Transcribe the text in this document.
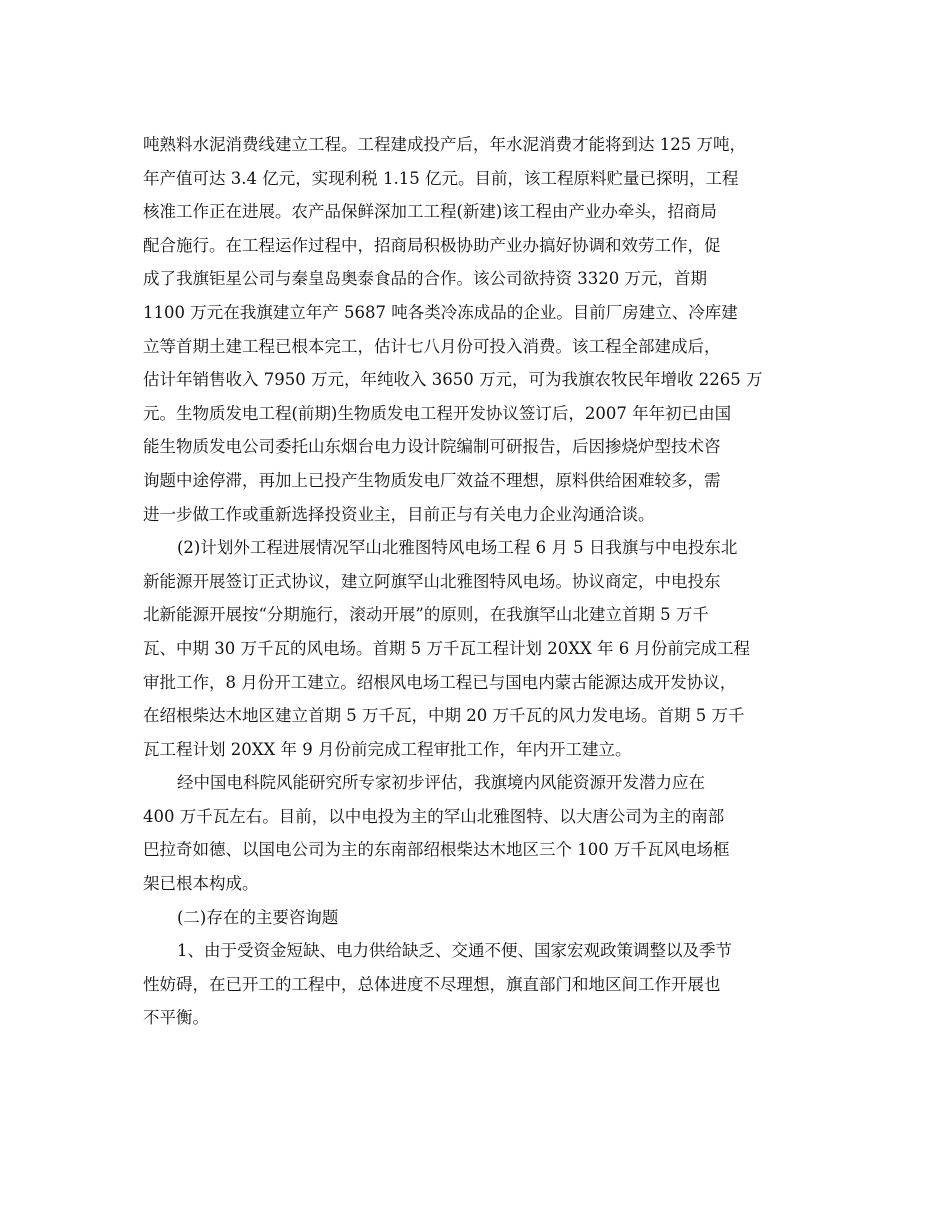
吨熟料水泥消费线建立工程。工程建成投产后，年水泥消费才能将到达 125 万吨，
年产值可达 3.4 亿元，实现利税 1.15 亿元。目前，该工程原料贮量已探明，工程
核准工作正在进展。农产品保鲜深加工工程(新建)该工程由产业办牵头，招商局
配合施行。在工程运作过程中，招商局积极协助产业办搞好协调和效劳工作，促
成了我旗钜星公司与秦皇岛奥泰食品的合作。该公司欲持资 3320 万元，首期
1100 万元在我旗建立年产 5687 吨各类冷冻成品的企业。目前厂房建立、冷库建
立等首期土建工程已根本完工，估计七八月份可投入消费。该工程全部建成后，
估计年销售收入 7950 万元，年纯收入 3650 万元，可为我旗农牧民年增收 2265 万
元。生物质发电工程(前期)生物质发电工程开发协议签订后，2007 年年初已由国
能生物质发电公司委托山东烟台电力设计院编制可研报告，后因掺烧炉型技术咨
询题中途停滞，再加上已投产生物质发电厂效益不理想，原料供给困难较多，需
进一步做工作或重新选择投资业主，目前正与有关电力企业沟通洽谈。
(2)计划外工程进展情况罕山北雅图特风电场工程 6 月 5 日我旗与中电投东北
新能源开展签订正式协议，建立阿旗罕山北雅图特风电场。协议商定，中电投东
北新能源开展按“分期施行，滚动开展”的原则，在我旗罕山北建立首期 5 万千
瓦、中期 30 万千瓦的风电场。首期 5 万千瓦工程计划 20XX 年 6 月份前完成工程
审批工作，8 月份开工建立。绍根风电场工程已与国电内蒙古能源达成开发协议，
在绍根柴达木地区建立首期 5 万千瓦，中期 20 万千瓦的风力发电场。首期 5 万千
瓦工程计划 20XX 年 9 月份前完成工程审批工作，年内开工建立。
经中国电科院风能研究所专家初步评估，我旗境内风能资源开发潜力应在
400 万千瓦左右。目前，以中电投为主的罕山北雅图特、以大唐公司为主的南部
巴拉奇如德、以国电公司为主的东南部绍根柴达木地区三个 100 万千瓦风电场框
架已根本构成。
(二)存在的主要咨询题
1、由于受资金短缺、电力供给缺乏、交通不便、国家宏观政策调整以及季节
性妨碍，在已开工的工程中，总体进度不尽理想，旗直部门和地区间工作开展也
不平衡。
